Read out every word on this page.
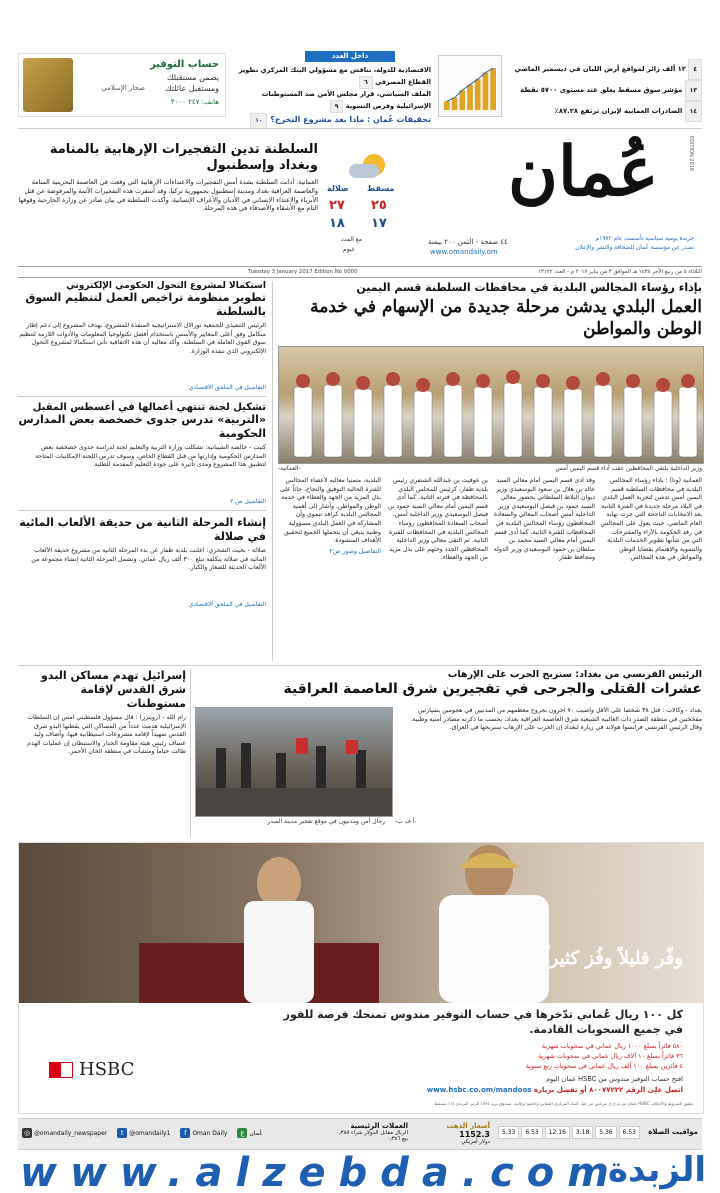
حساب التوفير
يضمن مستقبلك
ومستقبل عائلتك
هاتف: ٢٤٧ ٣٠٠٠
صحار الإسلامي
داخل العدد
الاقتصادية للدولة، تناقش مع مسؤولي البنك المركزي تطوير القطاع المصرفي ٦
الملف السياسي، قرار مجلس الأمن ضد المستوطنات الإسرائيلية وفرص التسوية ٩
تحقيقات عُمان : ماذا بعد مشروع التخرج؟ ١٠
٤ ١٢ ألف زائر لمواقع أرض اللبان في ديسمبر الماضي
١٣ مؤشر سوق مسقط يغلق عند مستوى ٥٧٠٠ نقطة
١٤ الصادرات العمانية لإيران ترتفع ٨٧.٢٨٪
السلطنة تدين التفجيرات الإرهابية بالمنامة وبغداد وإسطنبول
العمانية: أدانت السلطنة بشدة أمس التفجيرات والاعتداءات الإرهابية التي وقعت في العاصمة البحرينية المنامة والعاصمة العراقية بغداد ومدينة إسطنبول بجمهورية تركيا، وقد أسفرت هذه التفجيرات الآثمة والمرفوضة عن قتل الأبرياء والاعتداء الإنساني في الأديان والأعراف الإنسانية. وأكدت السلطنة في بيان صادر عن وزارة الخارجية وقوفها التام مع الأشقاء والأصدقاء في هذه المرحلة.
صلالة مسقط
٢٧
١٨
٢٥
١٧
مع المدد
غيوم
عُمان	EDITION 2016
جريدة يومية سياسية تأسست عام ١٩٧٢م
تصدر عن مؤسسة عُمان للصحافة والنشر والإعلان
٤٤ صفحة - الثمن ٢٠٠ بيسة
www.omandaily.om
الثلاثاء ٥ من ربيع الآخر ١٤٣٨ هـ الموافق ٣ من يناير ٢٠١٧ م - العدد ١٣١٢٢
Tuesday 3 January 2017 Edition No 0000
بإذاء رؤساء المجالس البلدية في محافظات السلطنة قسم اليمين
العمل البلدي يدشن مرحلة جديدة من الإسهام في خدمة الوطن والمواطن
وزير الداخلية يلتقي المحافظين عقب أداء قسم اليمين أمس
-العمانية-
العمانية (ونا) : بأداء رؤساء المجالس البلدية في محافظات السلطنة قسم اليمين أمس تدشن لتجربة العمل البلدي في البلاد مرحلة جديدة في الفترة الثانية بعد الانتخابات الناجحة التي جرت نهاية العام الماضي. حيث يعول على المجالس في رفد الحكومة بالآراء والمقترحات التي من شأنها تطوير الخدمات البلدية والتنموية والاهتمام بقضايا الوطن والمواطن في هذه المجالس.
وقد أدى قسم اليمين أمام معالي السيد خالد بن هلال بن سعود البوسعيدي وزير ديوان البلاط السلطاني بحضور معالي السيد حمود بن فيصل البوسعيدي وزير الداخلية أمس أصحاب المعالي والسعادة المحافظون رؤساء المجالس البلدية في المحافظات للفترة الثانية، كما أدى قسم اليمين أمام معالي السيد محمد بن سلطان بن حمود البوسعيدي وزير الدولة ومحافظ ظفار.
بن عوفيت بن عبدالله الشنفري رئيس بلدية ظفار، كرئيس للمجلس البلدي بالمحافظة في فترته الثانية. كما أدى قسم اليمين أمام معالي السيد حمود بن فيصل البوسعيدي وزير الداخلية أمس، أصحاب السعادة المحافظون رؤساء المجالس البلدية في المحافظات للفترة الثانية. ثم التقى معالي وزير الداخلية المحافظين الجدد وحثهم على بذل مزيد من الجهد والعطاء.
البلدية، متمنياً معاليه لأعضاء المجالس للفترة الحالية التوفيق والنجاح، حاثاً على بذل المزيد من الجهد والعطاء في خدمة الوطن والمواطن. وأشار إلى أهمية المجالس البلدية كرافد تنموي وأن المشاركة في العمل البلدي مسؤولية وطنية ينبغي أن يتحملها الجميع لتحقيق الأهداف المنشودة.
التفاصيل وصور ص٢
استكمالا لمشروع التحول الحكومي الإلكتروني
تطوير منظومة تراخيص العمل لتنظيم السوق بالسلطنة
الرئيس التنفيذي للجمعية نورالال الاستراتيجية المنفذة للمشروع، بهدف المشروع إلى دعم إطار متكامل وفق أعلى المعايير والأسس باستخدام أفضل تكنولوجيا المعلومات والأدوات اللازمة لتنظيم سوق القوى العاملة في السلطنة. وأكد معاليه أن هذه الاتفاقية تأتي استكمالا لمشروع التحول الإلكتروني الذي تنفذه الوزارة.
التفاصيل في الملحق الاقتصادي
تشكيل لجنة تنتهي أعمالها في أغسطس المقبل
«التربية» تدرس جدوى خصخصة بعض المدارس الحكومية
كتبت - خالصة الشيبانية: تشكلت وزارة التربية والتعليم لجنة لدراسة جدوى خصخصة بعض المدارس الحكومية وإدارتها من قبل القطاع الخاص، وسوف تدرس اللجنة الإمكانيات المتاحة لتطبيق هذا المشروع ومدى تأثيره على جودة التعليم المقدمة للطلبة.
التفاصيل ص ٢
إنشاء المرحلة الثانية من حديقة الألعاب المائية في صلالة
صلالة - بخيت الشحري: أعلنت بلدية ظفار عن بدء المرحلة الثانية من مشروع حديقة الألعاب المائية في صلالة بتكلفة تبلغ ٣٠٠ ألف ريال عماني، وتشمل المرحلة الثانية إنشاء مجموعة من الألعاب الحديثة للصغار والكبار.
التفاصيل في الملحق الاقتصادي
الرئيس الفرنسي من بغداد: سنربح الحرب على الإرهاب
عشرات القتلى والجرحى في تفجيرين شرق العاصمة العراقية
رجال أمن ومدنيون في موقع تفجير مدينة الصدر -أ ف ب-
بغداد - وكالات : قتل ٣٨ شخصاً على الأقل وأصيب ٧٠ آخرون بجروح معظمهم من المدنيين في هجومين بسيارتين مفخختين في منطقة الصدر ذات الغالبية الشيعية شرق العاصمة العراقية بغداد، بحسب ما ذكرته مصادر أمنية وطبية. وقال الرئيس الفرنسي فرانسوا هولاند في زيارة لبغداد إن الحرب على الإرهاب سنربحها في العراق.
إسرائيل تهدم مساكن البدو شرق القدس لإقامة مستوطنات
رام الله - (رويترز) : قال مسؤول فلسطيني أمس إن السلطات الإسرائيلية هدمت عدداً من المساكن التي يقطنها البدو شرق القدس تمهيداً لإقامة مشروعات استيطانية فيها. وأضاف وليد عساف رئيس هيئة مقاومة الجدار والاستيطان إن عمليات الهدم طالت خياماً ومنشآت في منطقة الخان الأحمر.
وفّر قليلاً وفُز كثيراً
كل ١٠٠ ريال عُماني تدّخرها في حساب التوفير مندوس تمنحك فرصة للفوز
في جميع السحوبات القادمة.
٥٨٠ فائزاً بمبلغ ١٠٠٠ ريال عماني في سحوبات شهرية
٣٦ فائزاً بمبلغ ١٠ آلاف ريال عماني في سحوبات شهرية
٤ فائزين بمبلغ ١٠٠ ألف ريال عماني في سحوبات ربع سنوية
افتح حساب التوفير مندوس من HSBC عمان اليوم
اتصل على الرقم ٨٠٠٧٧٢٢٢ أو تفضل بزيارة www.hsbc.co.om/mandoos
HSBC
تطبق الشروط والأحكام. HSBC عمان ش.م.ع.ع. مرخص من قبل البنك المركزي العماني وخاضع لرقابته. صندوق بريد ١٨٩٤ الرمز البريدي ١١٤ مسقط.
◎ @omandaily_newspaper	t @omandaily1	f Oman Daily	ع عُمان
العملات الرئيسية
الريال مقابل الدولار شراء ٠٫٣٨٥
بيع ٠٫٣٨٦
أسعار الذهب
1152.3
دولار أمريكي
مواقيت الصلاة
5.33	6.53	12.16	3.18	5.36	6.53
www.alzebda.com
الزبدة
